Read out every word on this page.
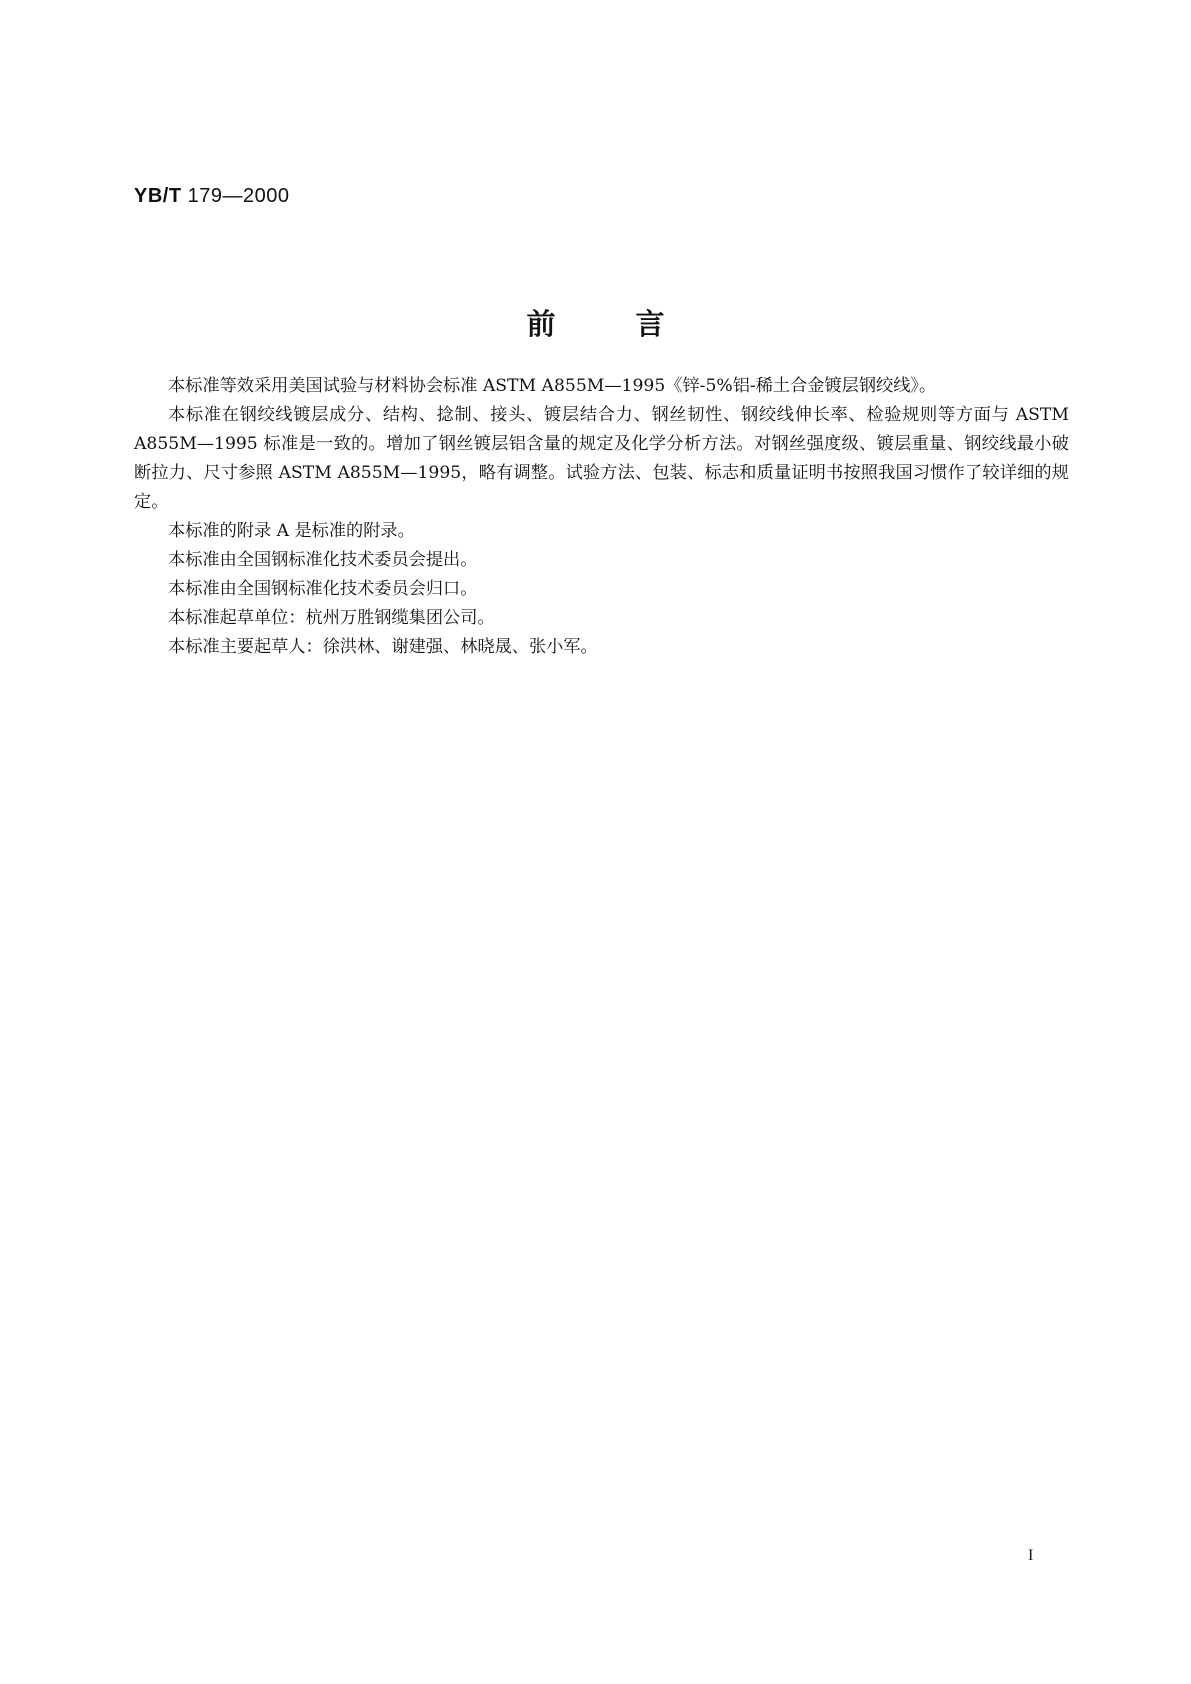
YB/T 179—2000
前言

本标准等效采用美国试验与材料协会标准 ASTM A855M—1995《锌-5%铝-稀土合金镀层钢绞线》。

本标准在钢绞线镀层成分、结构、捻制、接头、镀层结合力、钢丝韧性、钢绞线伸长率、检验规则等方面与 ASTM A855M—1995 标准是一致的。增加了钢丝镀层铝含量的规定及化学分析方法。对钢丝强度级、镀层重量、钢绞线最小破断拉力、尺寸参照 ASTM A855M—1995，略有调整。试验方法、包装、标志和质量证明书按照我国习惯作了较详细的规定。

本标准的附录 A 是标准的附录。

本标准由全国钢标准化技术委员会提出。

本标准由全国钢标准化技术委员会归口。

本标准起草单位：杭州万胜钢缆集团公司。

本标准主要起草人：徐洪林、谢建强、林晓晟、张小军。

I
